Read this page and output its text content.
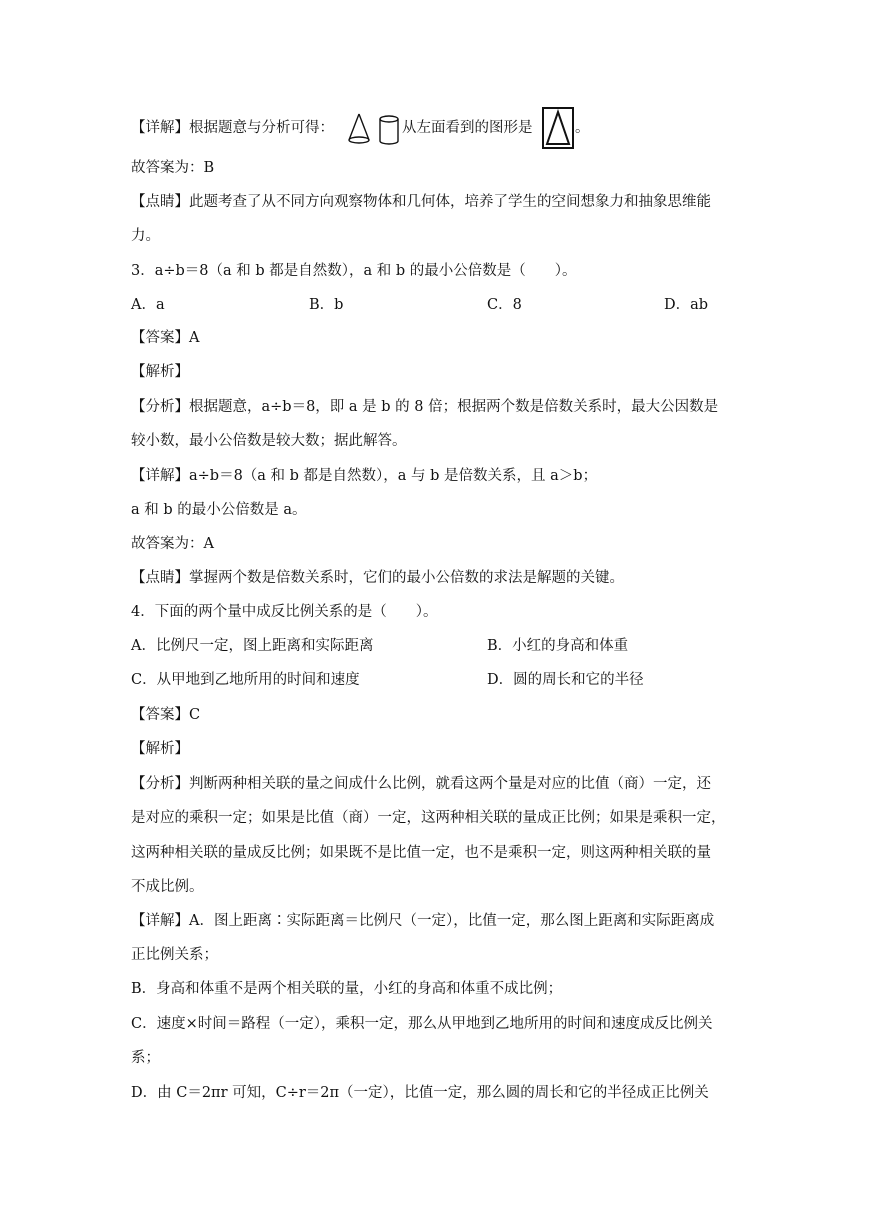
【详解】根据题意与分析可得：	从左面看到的图形是	。
故答案为：B
【点睛】此题考查了从不同方向观察物体和几何体，培养了学生的空间想象力和抽象思维能
力。
3．a÷b＝8（a 和 b 都是自然数），a 和 b 的最小公倍数是（　　）。
A．a	B．b	C．8	D．ab
【答案】A
【解析】
【分析】根据题意，a÷b＝8，即 a 是 b 的 8 倍；根据两个数是倍数关系时，最大公因数是
较小数，最小公倍数是较大数；据此解答。
【详解】a÷b＝8（a 和 b 都是自然数），a 与 b 是倍数关系，且 a＞b；
a 和 b 的最小公倍数是 a。
故答案为：A
【点睛】掌握两个数是倍数关系时，它们的最小公倍数的求法是解题的关键。
4．下面的两个量中成反比例关系的是（　　）。
A．比例尺一定，图上距离和实际距离	B．小红的身高和体重
C．从甲地到乙地所用的时间和速度	D．圆的周长和它的半径
【答案】C
【解析】
【分析】判断两种相关联的量之间成什么比例，就看这两个量是对应的比值（商）一定，还
是对应的乘积一定；如果是比值（商）一定，这两种相关联的量成正比例；如果是乘积一定，
这两种相关联的量成反比例；如果既不是比值一定，也不是乘积一定，则这两种相关联的量
不成比例。
【详解】A．图上距离∶实际距离＝比例尺（一定），比值一定，那么图上距离和实际距离成
正比例关系；
B．身高和体重不是两个相关联的量，小红的身高和体重不成比例；
C．速度×时间＝路程（一定），乘积一定，那么从甲地到乙地所用的时间和速度成反比例关
系；
D．由 C＝2πr 可知，C÷r＝2π（一定），比值一定，那么圆的周长和它的半径成正比例关
